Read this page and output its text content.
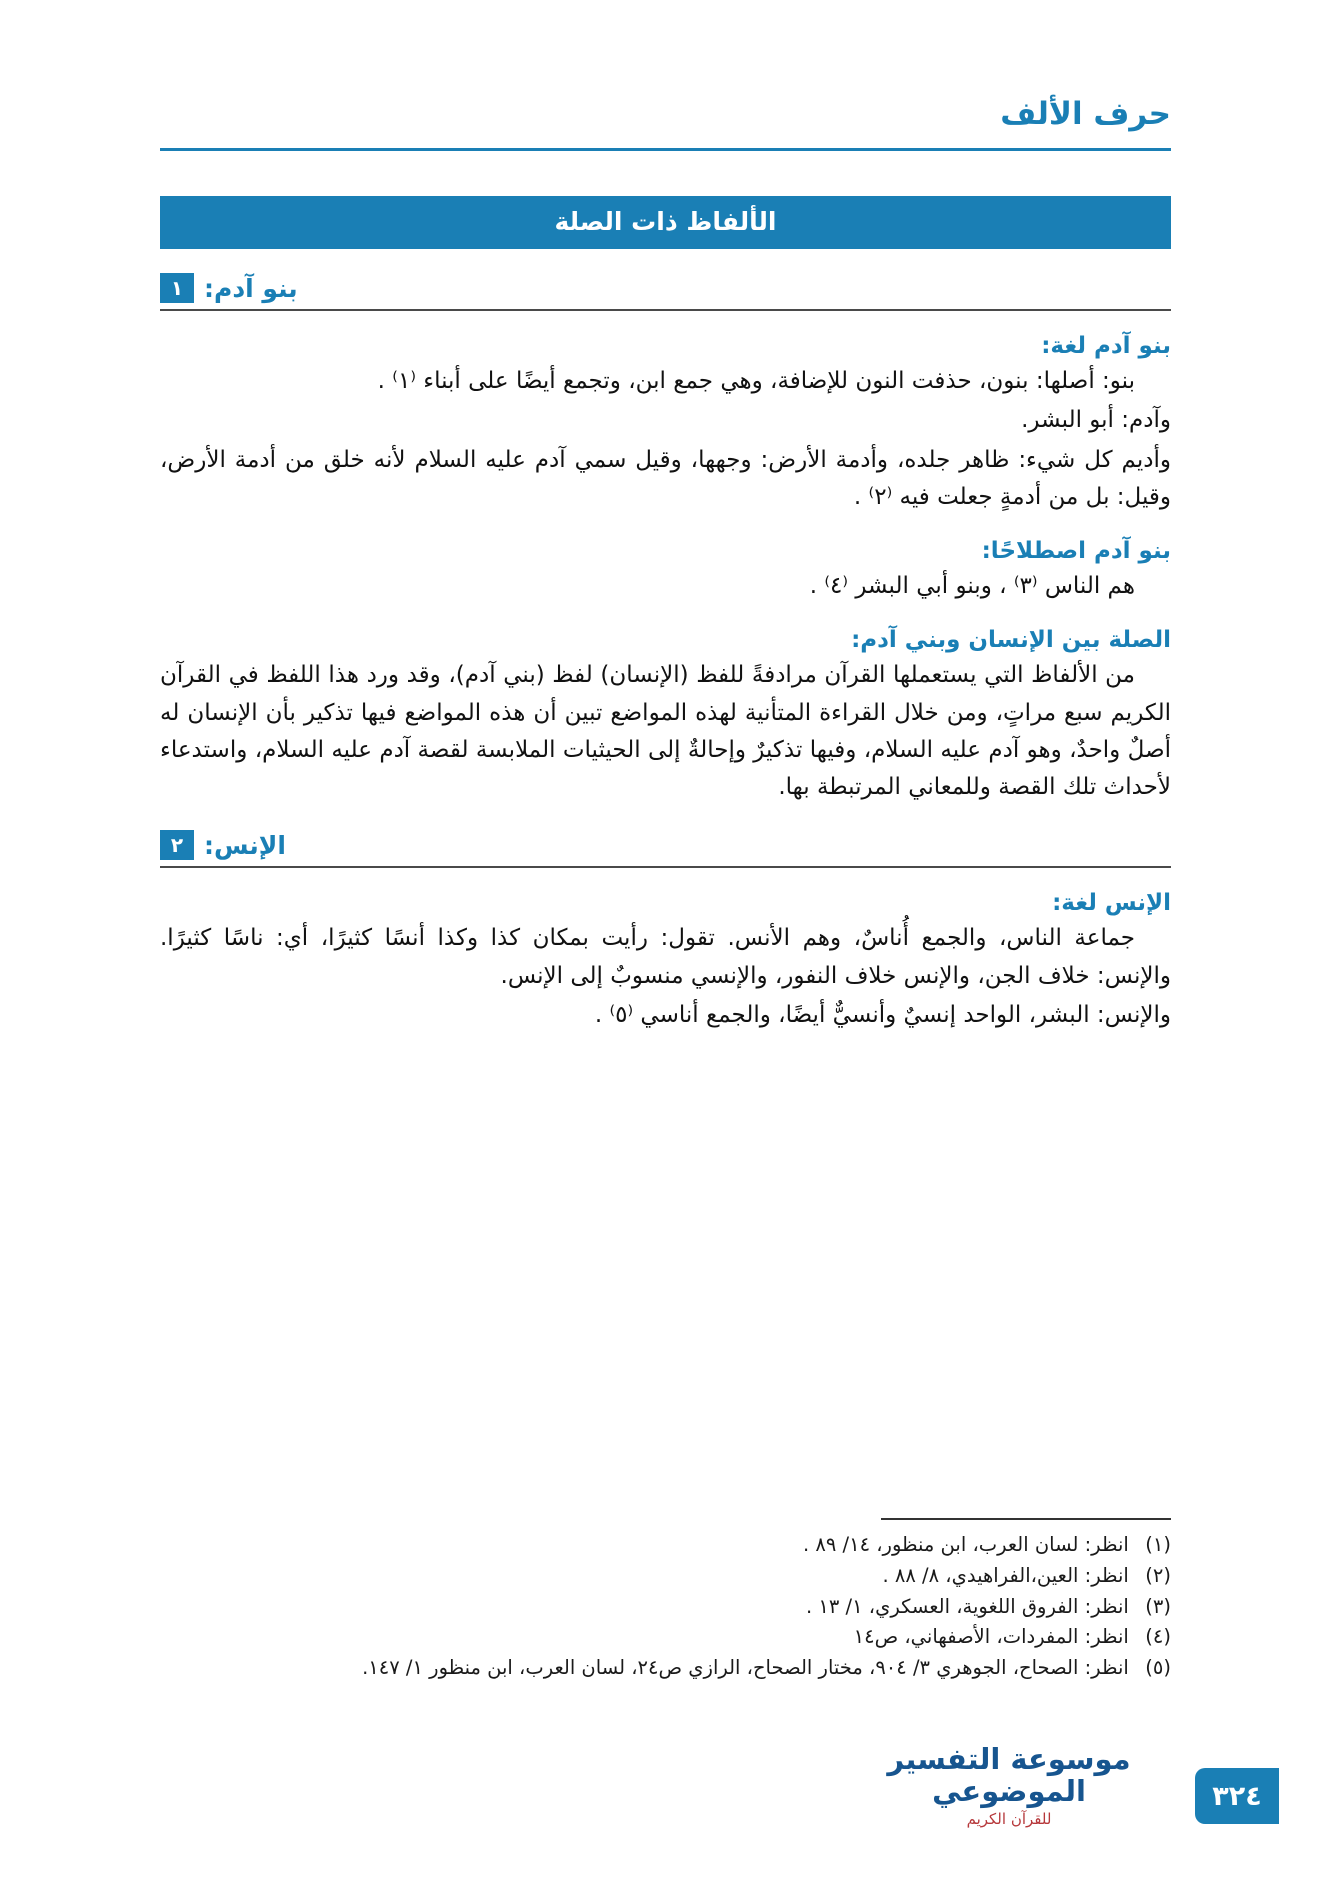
حرف الألف
الألفاظ ذات الصلة
١ بنو آدم:
بنو آدم لغة:

بنو: أصلها: بنون، حذفت النون للإضافة، وهي جمع ابن، وتجمع أيضًا على أبناء ⁽١⁾ .

وآدم: أبو البشر.

وأديم كل شيء: ظاهر جلده، وأدمة الأرض: وجهها، وقيل سمي آدم عليه السلام لأنه خلق من أدمة الأرض، وقيل: بل من أدمةٍ جعلت فيه ⁽٢⁾ .

بنو آدم اصطلاحًا:

هم الناس ⁽٣⁾ ، وبنو أبي البشر ⁽٤⁾ .

الصلة بين الإنسان وبني آدم:

من الألفاظ التي يستعملها القرآن مرادفةً للفظ (الإنسان) لفظ (بني آدم)، وقد ورد هذا اللفظ في القرآن الكريم سبع مراتٍ، ومن خلال القراءة المتأنية لهذه المواضع تبين أن هذه المواضع فيها تذكير بأن الإنسان له أصلٌ واحدٌ، وهو آدم عليه السلام، وفيها تذكيرٌ وإحالةٌ إلى الحيثيات الملابسة لقصة آدم عليه السلام، واستدعاء لأحداث تلك القصة وللمعاني المرتبطة بها.

٢ الإنس:
الإنس لغة:

جماعة الناس، والجمع أُناسٌ، وهم الأنس. تقول: رأيت بمكان كذا وكذا أنسًا كثيرًا، أي: ناسًا كثيرًا. والإنس: خلاف الجن، والإنس خلاف النفور، والإنسي منسوبٌ إلى الإنس.

والإنس: البشر، الواحد إنسيٌ وأنسيٌّ أيضًا، والجمع أناسي ⁽٥⁾ .

(١) انظر: لسان العرب، ابن منظور، ١٤/ ٨٩ .
(٢) انظر: العين،الفراهيدي، ٨/ ٨٨ .
(٣) انظر: الفروق اللغوية، العسكري، ١/ ١٣ .
(٤) انظر: المفردات، الأصفهاني، ص١٤
(٥) انظر: الصحاح، الجوهري ٣/ ٩٠٤، مختار الصحاح، الرازي ص٢٤، لسان العرب، ابن منظور ١/ ١٤٧.
موسوعة التفسير الموضوعي
للقرآن الكريم
٣٢٤
